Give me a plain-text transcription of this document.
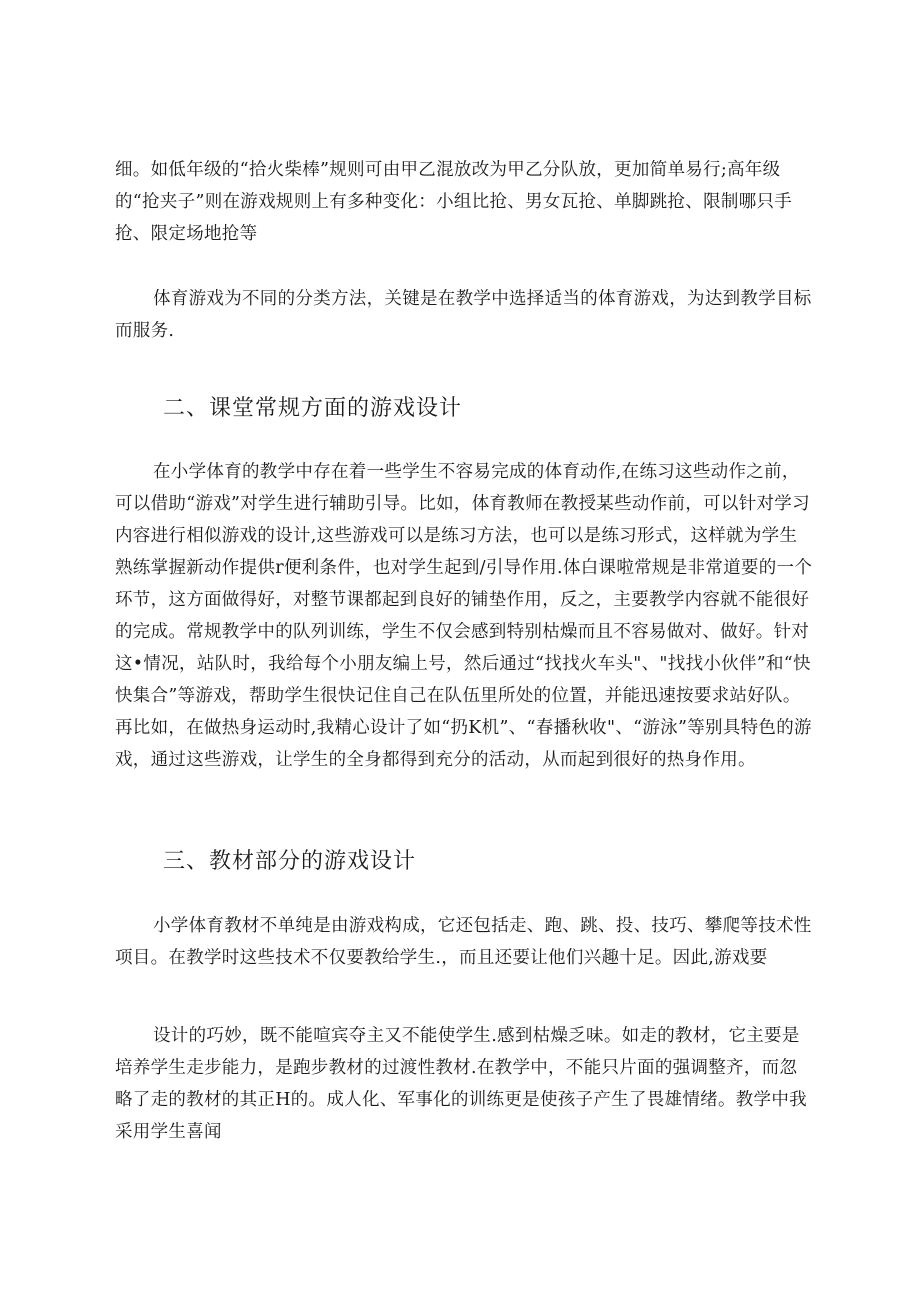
细。如低年级的“拾火柴棒”规则可由甲乙混放改为甲乙分队放，更加简单易行;高年级的“抢夹子”则在游戏规则上有多种变化：小组比抢、男女瓦抢、单脚跳抢、限制哪只手抢、限定场地抢等

体育游戏为不同的分类方法，关键是在教学中选择适当的体育游戏，为达到教学目标而服务.

二、课堂常规方面的游戏设计

在小学体育的教学中存在着一些学生不容易完成的体育动作,在练习这些动作之前，可以借助“游戏”对学生进行辅助引导。比如，体育教师在教授某些动作前，可以针对学习内容进行相似游戏的设计,这些游戏可以是练习方法，也可以是练习形式，这样就为学生熟练掌握新动作提供r便利条件，也对学生起到/引导作用.体白课啦常规是非常道要的一个环节，这方面做得好，对整节课都起到良好的铺垫作用，反之，主要教学内容就不能很好的完成。常规教学中的队列训练，学生不仅会感到特别枯燥而且不容易做对、做好。针对这•情况，站队时，我给每个小朋友编上号，然后通过“找找火车头"、"找找小伙伴”和“快快集合”等游戏，帮助学生很快记住自己在队伍里所处的位置，并能迅速按要求站好队。再比如，在做热身运动时,我精心设计了如“扔K机”、“春播秋收"、“游泳”等别具特色的游戏，通过这些游戏，让学生的全身都得到充分的活动，从而起到很好的热身作用。

三、教材部分的游戏设计

小学体育教材不单纯是由游戏构成，它还包括走、跑、跳、投、技巧、攀爬等技术性项目。在教学时这些技术不仅要教给学生.，而且还要让他们兴趣十足。因此,游戏要

设计的巧妙，既不能喧宾夺主又不能使学生.感到枯燥乏味。如走的教材，它主要是培养学生走步能力，是跑步教材的过渡性教材.在教学中，不能只片面的强调整齐，而忽略了走的教材的其正H的。成人化、军事化的训练更是使孩子产生了畏雄情绪。教学中我采用学生喜闻
